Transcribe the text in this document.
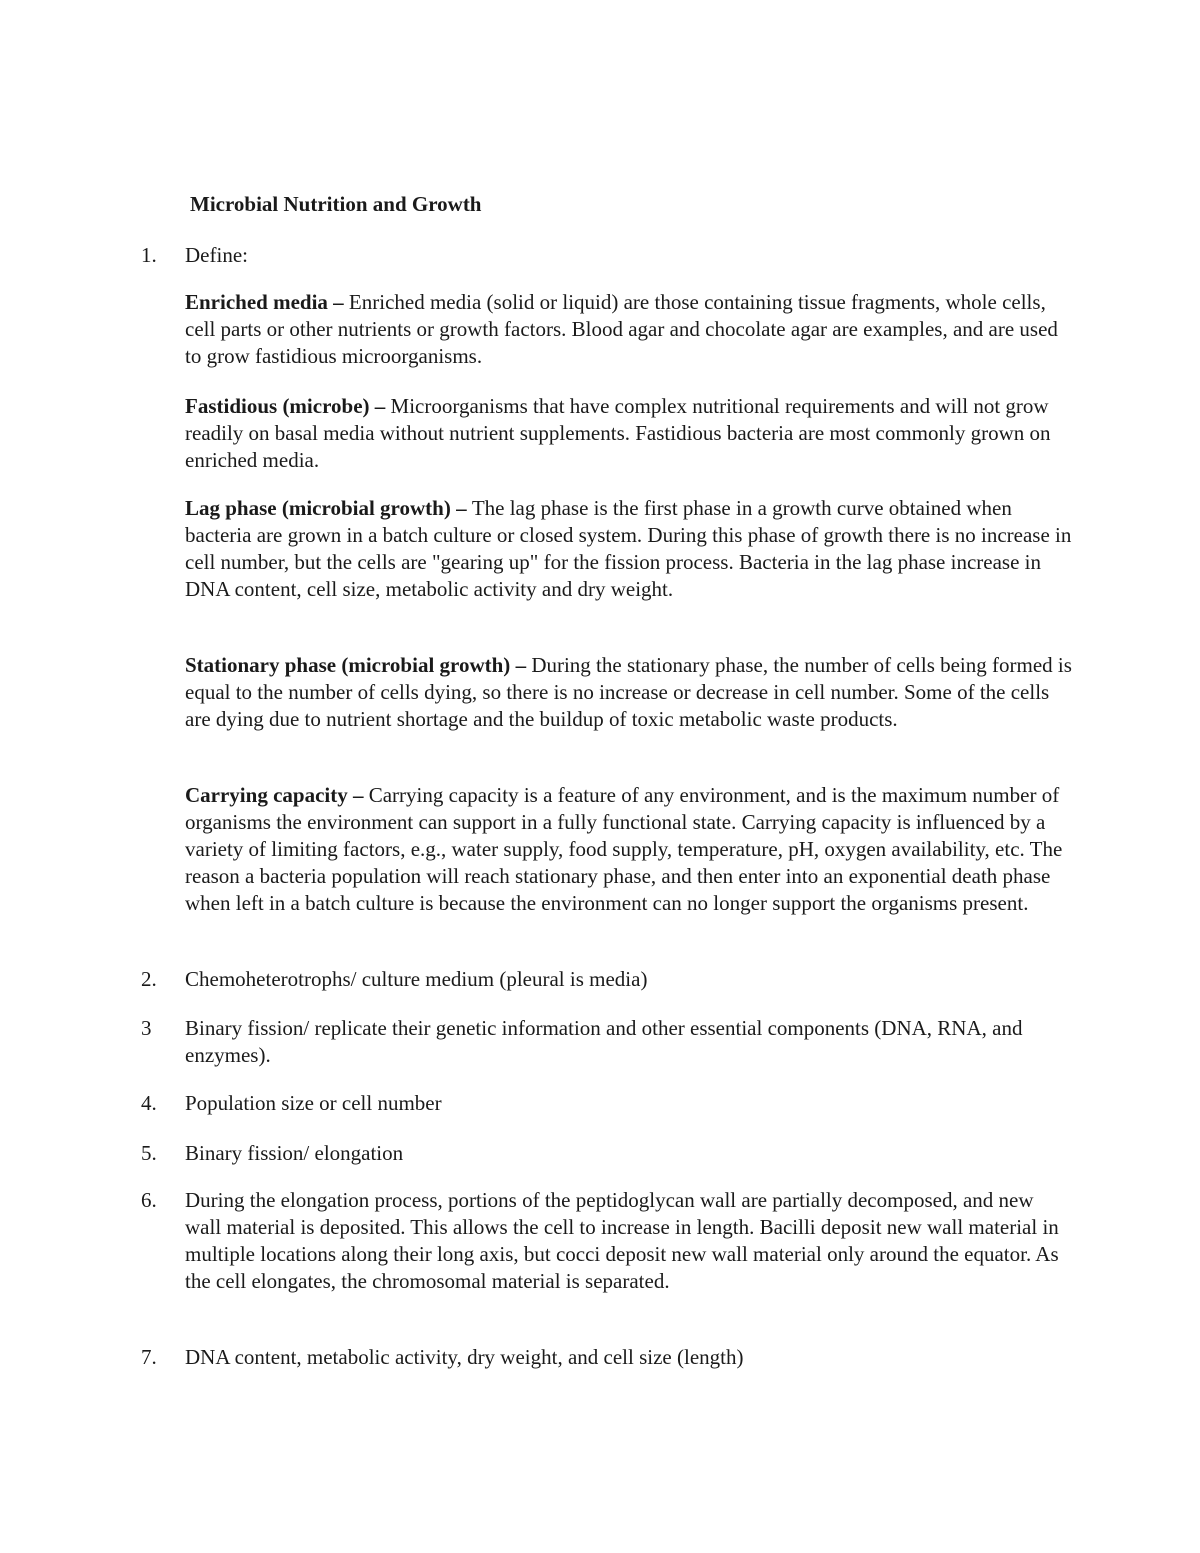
Microbial Nutrition and Growth
1.	Define:
Enriched media – Enriched media (solid or liquid) are those containing tissue fragments, whole cells, cell parts or other nutrients or growth factors. Blood agar and chocolate agar are examples, and are used to grow fastidious microorganisms.
Fastidious (microbe) – Microorganisms that have complex nutritional requirements and will not grow readily on basal media without nutrient supplements. Fastidious bacteria are most commonly grown on enriched media.
Lag phase (microbial growth) – The lag phase is the first phase in a growth curve obtained when bacteria are grown in a batch culture or closed system. During this phase of growth there is no increase in cell number, but the cells are "gearing up" for the fission process. Bacteria in the lag phase increase in DNA content, cell size, metabolic activity and dry weight.
Stationary phase (microbial growth) – During the stationary phase, the number of cells being formed is equal to the number of cells dying, so there is no increase or decrease in cell number. Some of the cells are dying due to nutrient shortage and the buildup of toxic metabolic waste products.
Carrying capacity – Carrying capacity is a feature of any environment, and is the maximum number of organisms the environment can support in a fully functional state. Carrying capacity is influenced by a variety of limiting factors, e.g., water supply, food supply, temperature, pH, oxygen availability, etc. The reason a bacteria population will reach stationary phase, and then enter into an exponential death phase when left in a batch culture is because the environment can no longer support the organisms present.
2.	Chemoheterotrophs/ culture medium (pleural is media)
3	Binary fission/ replicate their genetic information and other essential components (DNA, RNA, and enzymes).
4.	Population size or cell number
5.	Binary fission/ elongation
6.	During the elongation process, portions of the peptidoglycan wall are partially decomposed, and new wall material is deposited. This allows the cell to increase in length. Bacilli deposit new wall material in multiple locations along their long axis, but cocci deposit new wall material only around the equator. As the cell elongates, the chromosomal material is separated.
7.	DNA content, metabolic activity, dry weight, and cell size (length)
